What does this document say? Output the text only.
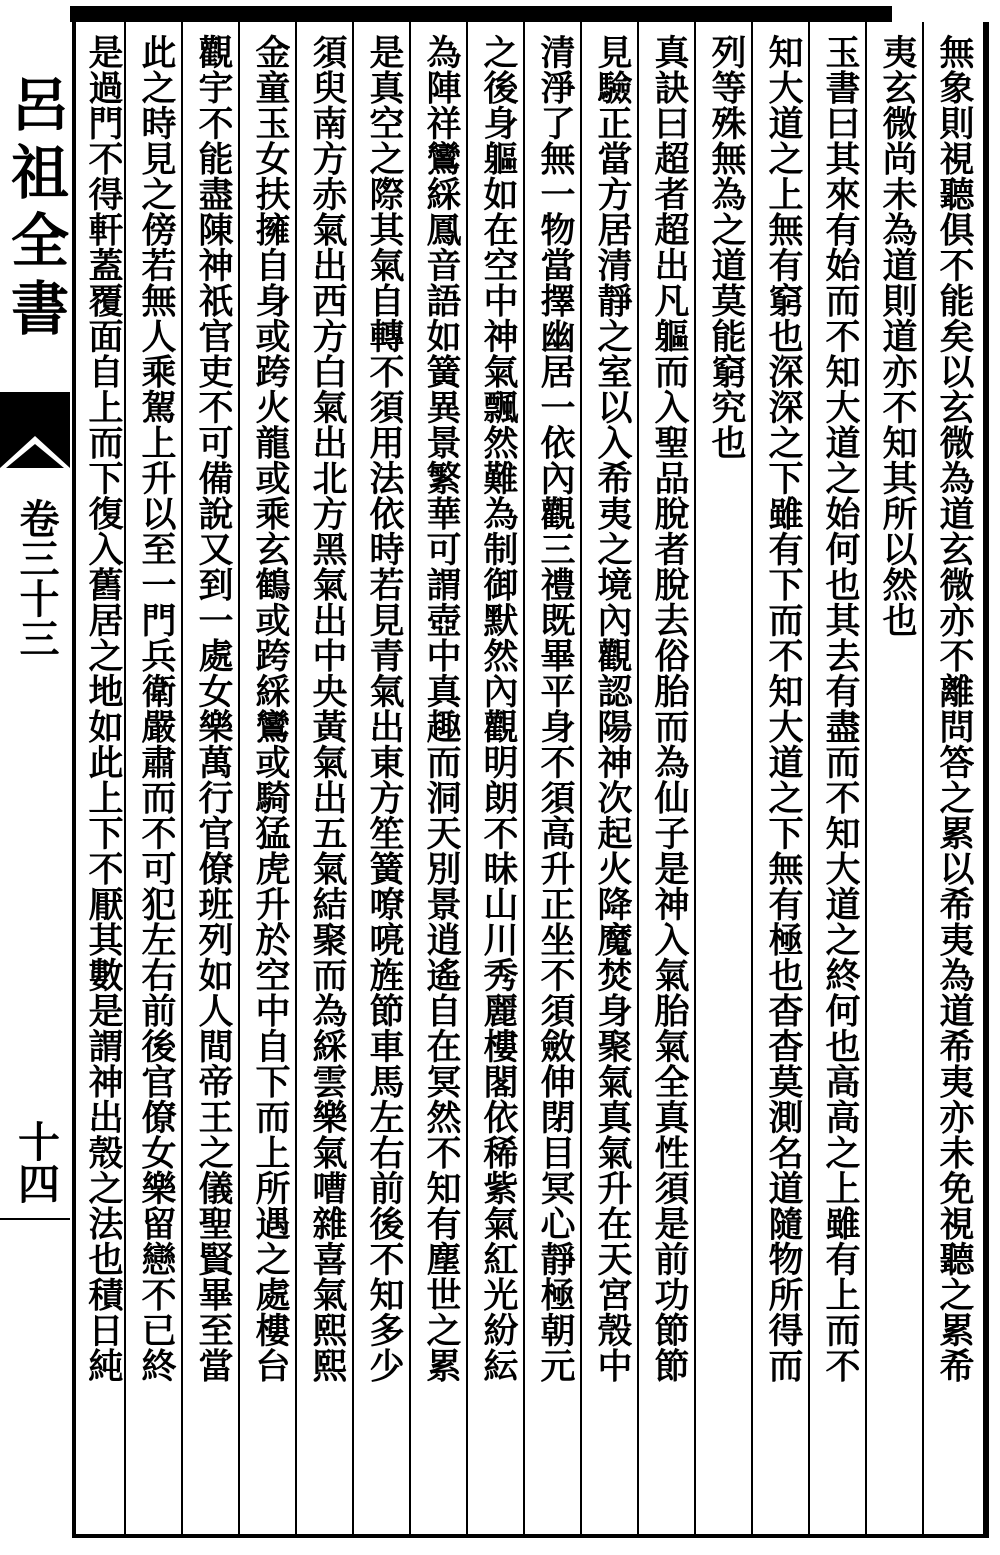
呂祖全書
卷三十三
十四	無象則視聽俱不能矣以玄微為道玄微亦不離問答之累以希夷為道希夷亦未免視聽之累希
夷玄微尚未為道則道亦不知其所以然也
玉書曰其來有始而不知大道之始何也其去有盡而不知大道之終何也高高之上雖有上而不
知大道之上無有窮也深深之下雖有下而不知大道之下無有極也杳杳莫測名道隨物所得而
列等殊無為之道莫能窮究也
真訣曰超者超出凡軀而入聖品脫者脫去俗胎而為仙子是神入氣胎氣全真性須是前功節節
見驗正當方居清靜之室以入希夷之境內觀認陽神次起火降魔焚身聚氣真氣升在天宮殼中
清淨了無一物當擇幽居一依內觀三禮既畢平身不須高升正坐不須斂伸閉目冥心靜極朝元
之後身軀如在空中神氣飄然難為制御默然內觀明朗不昧山川秀麗樓閣依稀紫氣紅光紛紜
為陣祥鸞綵鳳音語如簧異景繁華可謂壺中真趣而洞天別景逍遙自在冥然不知有塵世之累
是真空之際其氣自轉不須用法依時若見青氣出東方笙簧嘹喨旌節車馬左右前後不知多少
須臾南方赤氣出西方白氣出北方黑氣出中央黃氣出五氣結聚而為綵雲樂氣嘈雜喜氣熙熙
金童玉女扶擁自身或跨火龍或乘玄鶴或跨綵鸞或騎猛虎升於空中自下而上所遇之處樓台
觀宇不能盡陳神祇官吏不可備說又到一處女樂萬行官僚班列如人間帝王之儀聖賢畢至當
此之時見之傍若無人乘駕上升以至一門兵衛嚴肅而不可犯左右前後官僚女樂留戀不已終
是過門不得軒蓋覆面自上而下復入舊居之地如此上下不厭其數是謂神出殼之法也積日純
